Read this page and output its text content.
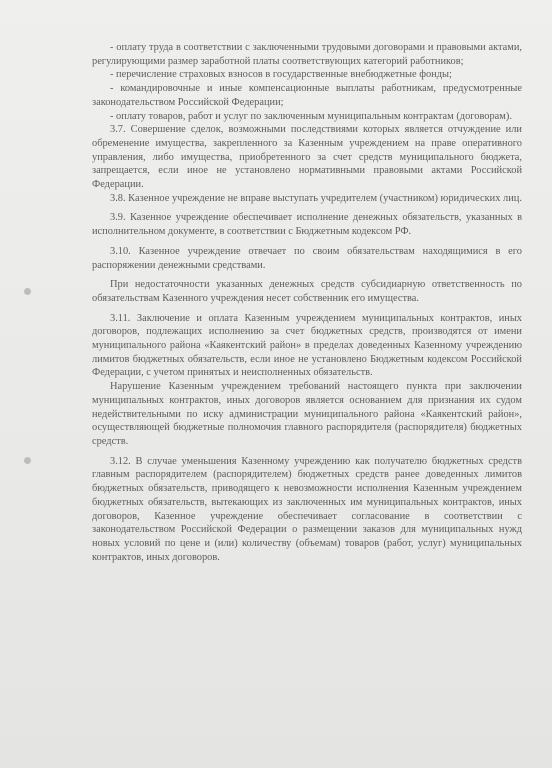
- оплату труда в соответствии с заключенными трудовыми договорами и правовыми актами, регулирующими размер заработной платы соответствующих категорий работников;

- перечисление страховых взносов в государственные внебюджетные фонды;

- командировочные и иные компенсационные выплаты работникам, предусмотренные законодательством Российской Федерации;

- оплату товаров, работ и услуг по заключенным муниципальным контрактам (договорам).

3.7. Совершение сделок, возможными последствиями которых является отчуждение или обременение имущества, закрепленного за Казенным учреждением на праве оперативного управления, либо имущества, приобретенного за счет средств муниципального бюджета, запрещается, если иное не установлено нормативными правовыми актами Российской Федерации.

3.8. Казенное учреждение не вправе выступать учредителем (участником) юридических лиц.

3.9. Казенное учреждение обеспечивает исполнение денежных обязательств, указанных в исполнительном документе, в соответствии с Бюджетным кодексом РФ.

3.10. Казенное учреждение отвечает по своим обязательствам находящимися в его распоряжении денежными средствами.

При недостаточности указанных денежных средств субсидиарную ответственность по обязательствам Казенного учреждения несет собственник его имущества.

3.11. Заключение и оплата Казенным учреждением муниципальных контрактов, иных договоров, подлежащих исполнению за счет бюджетных средств, производятся от имени муниципального района «Каякентский район» в пределах доведенных Казенному учреждению лимитов бюджетных обязательств, если иное не установлено Бюджетным кодексом Российской Федерации, с учетом принятых и неисполненных обязательств.

Нарушение Казенным учреждением требований настоящего пункта при заключении муниципальных контрактов, иных договоров является основанием для признания их судом недействительными по иску администрации муниципального района «Каякентский район», осуществляющей бюджетные полномочия главного распорядителя (распорядителя) бюджетных средств.

3.12. В случае уменьшения Казенному учреждению как получателю бюджетных средств главным распорядителем (распорядителем) бюджетных средств ранее доведенных лимитов бюджетных обязательств, приводящего к невозможности исполнения Казенным учреждением бюджетных обязательств, вытекающих из заключенных им муниципальных контрактов, иных договоров, Казенное учреждение обеспечивает согласование в соответствии с законодательством Российской Федерации о размещении заказов для муниципальных нужд новых условий по цене и (или) количеству (объемам) товаров (работ, услуг) муниципальных контрактов, иных договоров.
